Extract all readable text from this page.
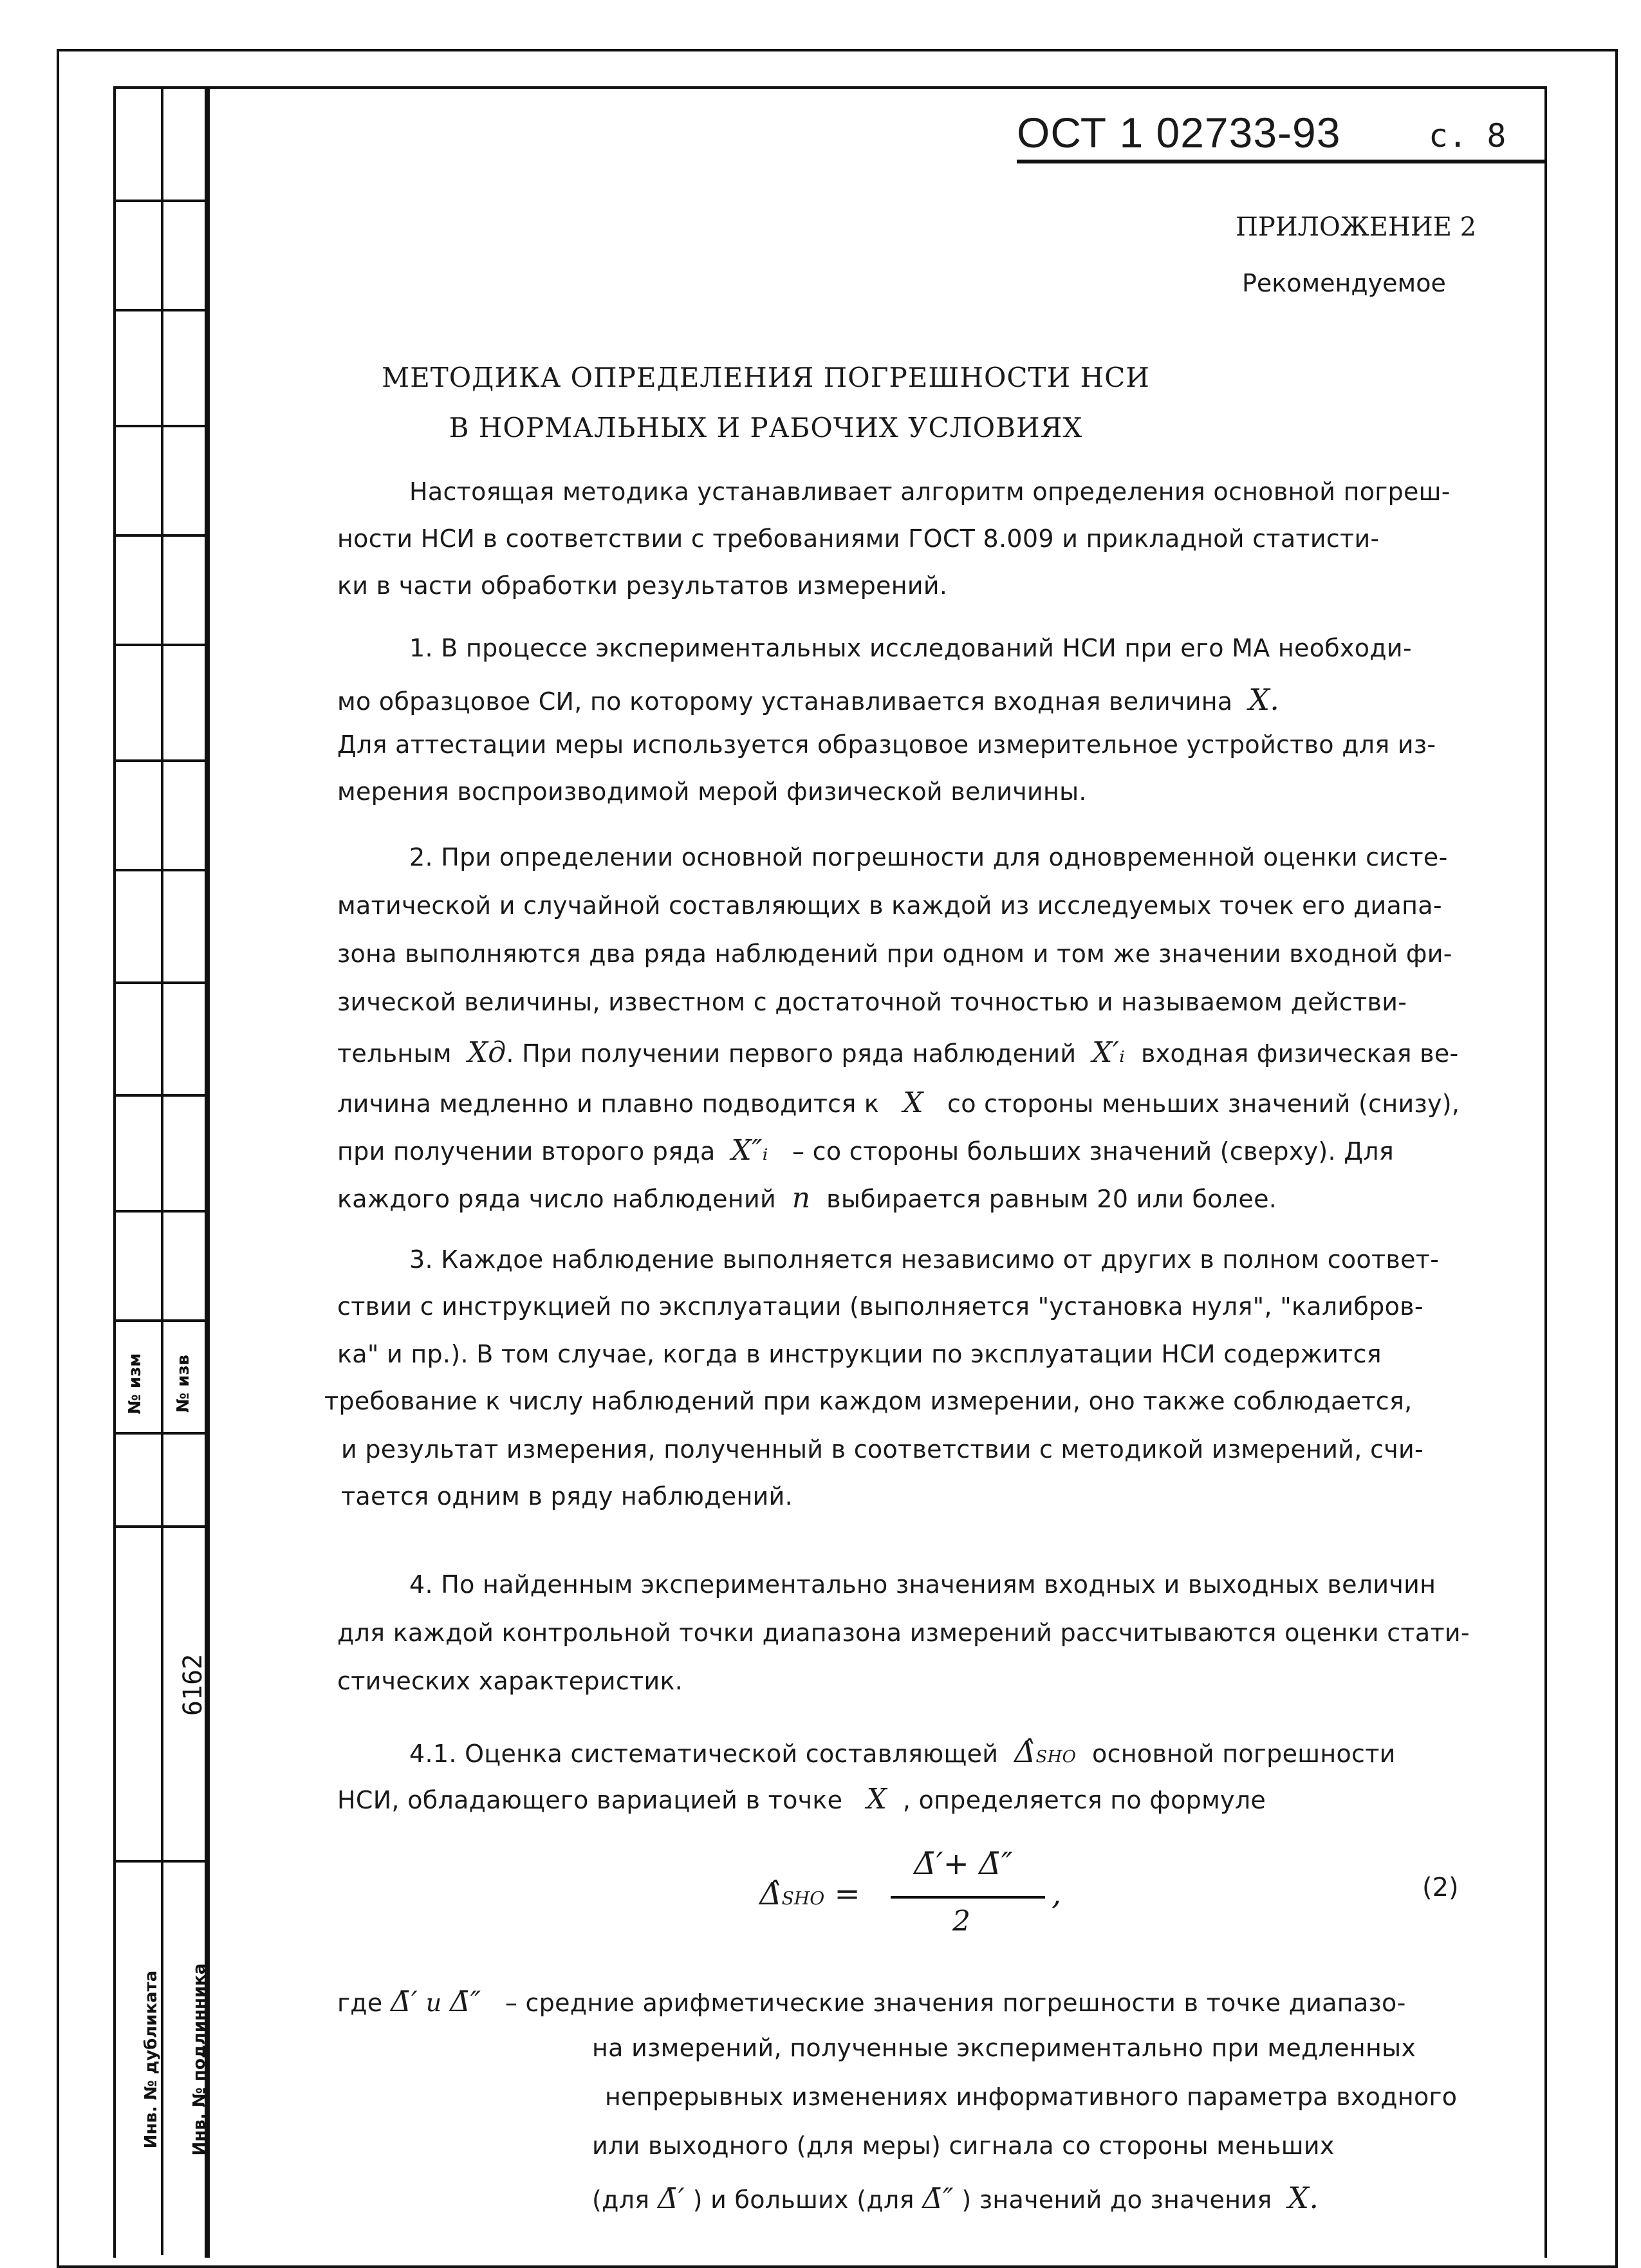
№ изм № изв
6162
Инв. № дубликата Инв. № подлинника
ОСТ 1 02733-93	с. 8
ПРИЛОЖЕНИЕ 2
Рекомендуемое
МЕТОДИКА ОПРЕДЕЛЕНИЯ ПОГРЕШНОСТИ НСИ
В НОРМАЛЬНЫХ И РАБОЧИХ УСЛОВИЯХ
Настоящая методика устанавливает алгоритм определения основной погреш-
ности НСИ в соответствии с требованиями ГОСТ 8.009 и прикладной статисти-
ки в части обработки результатов измерений.
1. В процессе экспериментальных исследований НСИ при его МА необходи-
мо образцовое СИ, по которому устанавливается входная величина X.
Для аттестации меры используется образцовое измерительное устройство для из-
мерения воспроизводимой мерой физической величины.
2. При определении основной погрешности для одновременной оценки систе-
матической и случайной составляющих в каждой из исследуемых точек его диапа-
зона выполняются два ряда наблюдений при одном и том же значении входной фи-
зической величины, известном с достаточной точностью и называемом действи-
тельным Xд. При получении первого ряда наблюдений X′ᵢ входная физическая ве-
личина медленно и плавно подводится к X со стороны меньших значений (снизу),
при получении второго ряда X″ᵢ – со стороны больших значений (сверху). Для
каждого ряда число наблюдений n выбирается равным 20 или более.
3. Каждое наблюдение выполняется независимо от других в полном соответ-
ствии с инструкцией по эксплуатации (выполняется "установка нуля", "калибров-
ка" и пр.). В том случае, когда в инструкции по эксплуатации НСИ содержится
требование к числу наблюдений при каждом измерении, оно также соблюдается,
и результат измерения, полученный в соответствии с методикой измерений, счи-
тается одним в ряду наблюдений.
4. По найденным экспериментально значениям входных и выходных величин
для каждой контрольной точки диапазона измерений рассчитываются оценки стати-
стических характеристик.
4.1. Оценка систематической составляющей Δ̂SHO основной погрешности
НСИ, обладающего вариацией в точке X , определяется по формуле
Δ̂SHO =
Δ̄′+ Δ̄″
2
,	(2)
где Δ̄′ и Δ̄″ – средние арифметические значения погрешности в точке диапазо-
на измерений, полученные экспериментально при медленных
непрерывных изменениях информативного параметра входного
или выходного (для меры) сигнала со стороны меньших
(для Δ̄′ ) и больших (для Δ̄″ ) значений до значения X.
